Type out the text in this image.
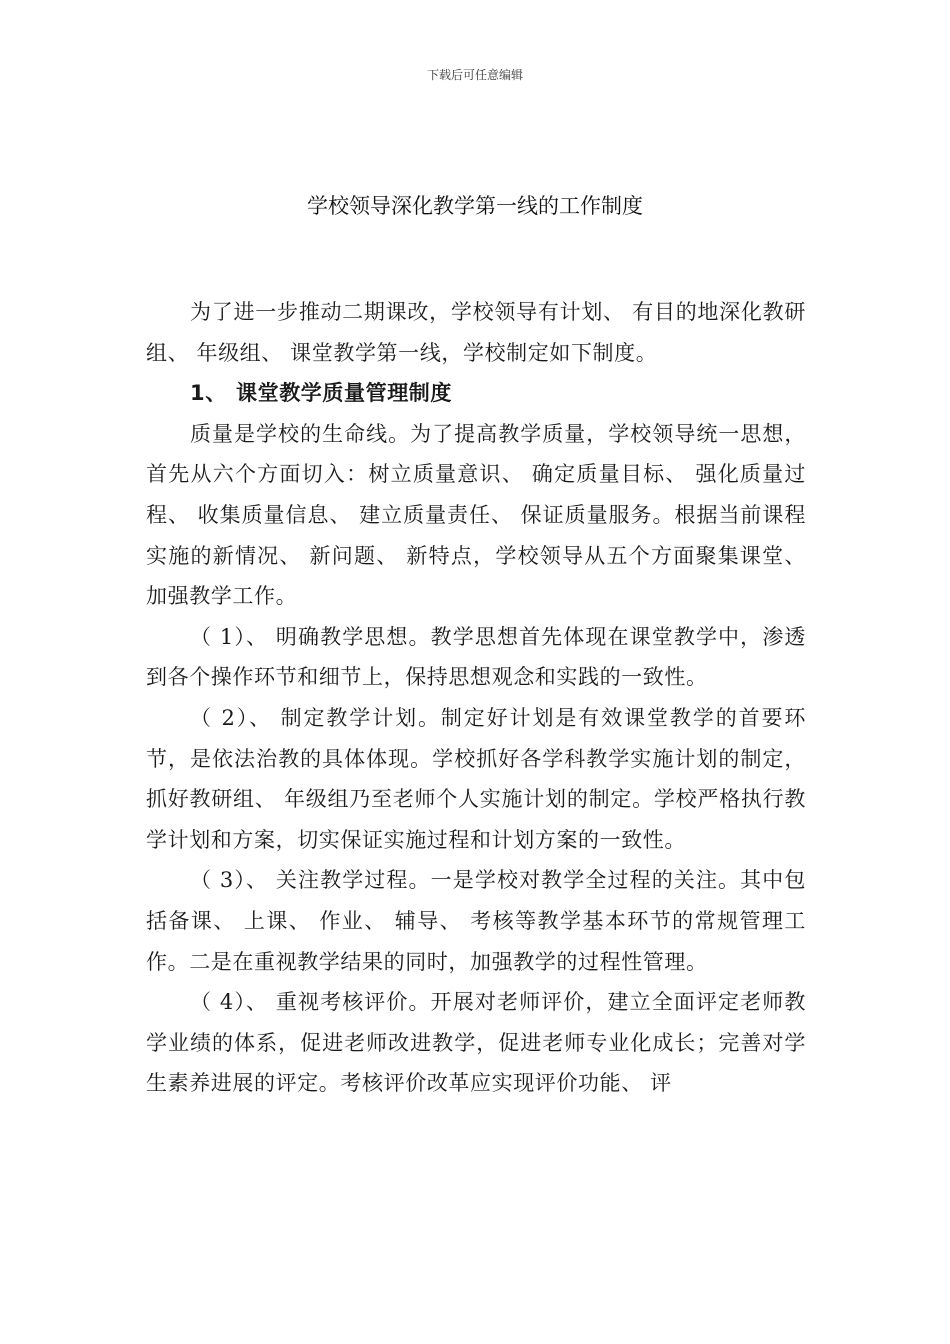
下载后可任意编辑
学校领导深化教学第一线的工作制度

为了进一步推动二期课改，学校领导有计划、 有目的地深化教研组、 年级组、 课堂教学第一线，学校制定如下制度。

1、 课堂教学质量管理制度

质量是学校的生命线。为了提高教学质量，学校领导统一思想，首先从六个方面切入：树立质量意识、 确定质量目标、 强化质量过程、 收集质量信息、 建立质量责任、 保证质量服务。根据当前课程实施的新情况、 新问题、 新特点，学校领导从五个方面聚集课堂、 加强教学工作。

（ 1）、 明确教学思想。教学思想首先体现在课堂教学中，渗透到各个操作环节和细节上，保持思想观念和实践的一致性。

（ 2）、 制定教学计划。制定好计划是有效课堂教学的首要环节，是依法治教的具体体现。学校抓好各学科教学实施计划的制定，抓好教研组、 年级组乃至老师个人实施计划的制定。学校严格执行教学计划和方案，切实保证实施过程和计划方案的一致性。

（ 3）、 关注教学过程。一是学校对教学全过程的关注。其中包括备课、 上课、 作业、 辅导、 考核等教学基本环节的常规管理工作。二是在重视教学结果的同时，加强教学的过程性管理。

（ 4）、 重视考核评价。开展对老师评价，建立全面评定老师教学业绩的体系，促进老师改进教学，促进老师专业化成长；完善对学生素养进展的评定。考核评价改革应实现评价功能、 评
